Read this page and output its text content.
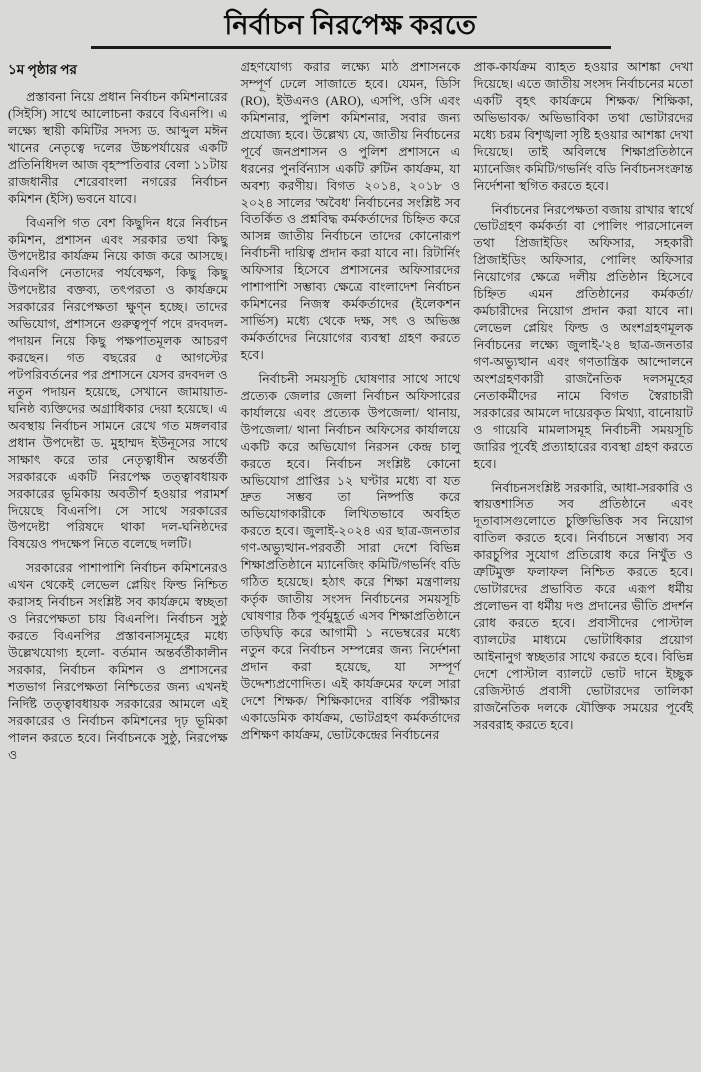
নির্বাচন নিরপেক্ষ করতে
১ম পৃষ্ঠার পর

প্রস্তাবনা নিয়ে প্রধান নির্বাচন কমিশনারের (সিইসি) সাথে আলোচনা করবে বিএনপি। এ লক্ষ্যে স্থায়ী কমিটির সদস্য ড. আব্দুল মঈন খানের নেতৃত্বে দলের উচ্চপর্যায়ের একটি প্রতিনিধিদল আজ বৃহস্পতিবার বেলা ১১টায় রাজধানীর শেরেবাংলা নগরের নির্বাচন কমিশন (ইসি) ভবনে যাবে।

বিএনপি গত বেশ কিছুদিন ধরে নির্বাচন কমিশন, প্রশাসন এবং সরকার তথা কিছু উপদেষ্টার কার্যক্রম নিয়ে কাজ করে আসছে। বিএনপি নেতাদের পর্যবেক্ষণ, কিছু কিছু উপদেষ্টার বক্তব্য, তৎপরতা ও কার্যক্রমে সরকারের নিরপেক্ষতা ক্ষুণ্ন হচ্ছে। তাদের অভিযোগ, প্রশাসনে গুরুত্বপূর্ণ পদে রদবদল-পদায়ন নিয়ে কিছু পক্ষপাতমূলক আচরণ করছেন। গত বছরের ৫ আগস্টের পটপরিবর্তনের পর প্রশাসনে যেসব রদবদল ও নতুন পদায়ন হয়েছে, সেখানে জামায়াত-ঘনিষ্ঠ ব্যক্তিদের অগ্রাধিকার দেয়া হয়েছে। এ অবস্থায় নির্বাচন সামনে রেখে গত মঙ্গলবার প্রধান উপদেষ্টা ড. মুহাম্মদ ইউনূসের সাথে সাক্ষাৎ করে তার নেতৃত্বাধীন অন্তর্বর্তী সরকারকে একটি নিরপেক্ষ তত্ত্বাবধায়ক সরকারের ভূমিকায় অবতীর্ণ হওয়ার পরামর্শ দিয়েছে বিএনপি। সে সাথে সরকারের উপদেষ্টা পরিষদে থাকা দল-ঘনিষ্ঠদের বিষয়েও পদক্ষেপ নিতে বলেছে দলটি।

সরকারের পাশাপাশি নির্বাচন কমিশনেরও এখন থেকেই লেভেল প্লেয়িং ফিল্ড নিশ্চিত করাসহ নির্বাচন সংশ্লিষ্ট সব কার্যক্রমে স্বচ্ছতা ও নিরপেক্ষতা চায় বিএনপি। নির্বাচন সুষ্ঠু করতে বিএনপির প্রস্তাবনাসমূহের মধ্যে উল্লেখযোগ্য হলো- বর্তমান অন্তর্বর্তীকালীন সরকার, নির্বাচন কমিশন ও প্রশাসনের শতভাগ নিরপেক্ষতা নিশ্চিতের জন্য এখনই নির্দিষ্ট তত্ত্বাবধায়ক সরকারের আমলে এই সরকারের ও নির্বাচন কমিশনের দৃঢ় ভূমিকা পালন করতে হবে। নির্বাচনকে সুষ্ঠু, নিরপেক্ষ ও

গ্রহণযোগ্য করার লক্ষ্যে মাঠ প্রশাসনকে সম্পূর্ণ ঢেলে সাজাতে হবে। যেমন, ডিসি (RO), ইউএনও (ARO), এসপি, ওসি এবং কমিশনার, পুলিশ কমিশনার, সবার জন্য প্রযোজ্য হবে। উল্লেখ্য যে, জাতীয় নির্বাচনের পূর্বে জনপ্রশাসন ও পুলিশ প্রশাসনে এ ধরনের পুনর্বিন্যাস একটি রুটিন কার্যক্রম, যা অবশ্য করণীয়। বিগত ২০১৪, ২০১৮ ও ২০২৪ সালের 'অবৈধ' নির্বাচনের সংশ্লিষ্ট সব বিতর্কিত ও প্রশ্নবিদ্ধ কর্মকর্তাদের চিহ্নিত করে আসন্ন জাতীয় নির্বাচনে তাদের কোনোরূপ নির্বাচনী দায়িত্ব প্রদান করা যাবে না। রিটার্নিং অফিসার হিসেবে প্রশাসনের অফিসারদের পাশাপাশি সম্ভাব্য ক্ষেত্রে বাংলাদেশ নির্বাচন কমিশনের নিজস্ব কর্মকর্তাদের (ইলেকশন সার্ভিস) মধ্যে থেকে দক্ষ, সৎ ও অভিজ্ঞ কর্মকর্তাদের নিয়োগের ব্যবস্থা গ্রহণ করতে হবে।

নির্বাচনী সময়সূচি ঘোষণার সাথে সাথে প্রত্যেক জেলার জেলা নির্বাচন অফিসারের কার্যালয়ে এবং প্রত্যেক উপজেলা/ থানায়, উপজেলা/ থানা নির্বাচন অফিসের কার্যালয়ে একটি করে অভিযোগ নিরসন কেন্দ্র চালু করতে হবে। নির্বাচন সংশ্লিষ্ট কোনো অভিযোগ প্রাপ্তির ১২ ঘণ্টার মধ্যে বা যত দ্রুত সম্ভব তা নিষ্পত্তি করে অভিযোগকারীকে লিখিতভাবে অবহিত করতে হবে। জুলাই-২০২৪ এর ছাত্র-জনতার গণ-অভ্যুত্থান-পরবর্তী সারা দেশে বিভিন্ন শিক্ষাপ্রতিষ্ঠানে ম্যানেজিং কমিটি/গভর্নিং বডি গঠিত হয়েছে। হঠাৎ করে শিক্ষা মন্ত্রণালয় কর্তৃক জাতীয় সংসদ নির্বাচনের সময়সূচি ঘোষণার ঠিক পূর্বমুহূর্তে এসব শিক্ষাপ্রতিষ্ঠানে তড়িঘড়ি করে আগামী ১ নভেম্বরের মধ্যে নতুন করে নির্বাচন সম্পন্নের জন্য নির্দেশনা প্রদান করা হয়েছে, যা সম্পূর্ণ উদ্দেশ্যপ্রণোদিত। এই কার্যক্রমের ফলে সারা দেশে শিক্ষক/ শিক্ষিকাদের বার্ষিক পরীক্ষার একাডেমিক কার্যক্রম, ভোটগ্রহণ কর্মকর্তাদের প্রশিক্ষণ কার্যক্রম, ভোটকেন্দ্রের নির্বাচনের

প্রাক-কার্যক্রম ব্যাহত হওয়ার আশঙ্কা দেখা দিয়েছে। এতে জাতীয় সংসদ নির্বাচনের মতো একটি বৃহৎ কার্যক্রমে শিক্ষক/ শিক্ষিকা, অভিভাবক/ অভিভাবিকা তথা ভোটারদের মধ্যে চরম বিশৃঙ্খলা সৃষ্টি হওয়ার আশঙ্কা দেখা দিয়েছে। তাই অবিলম্বে শিক্ষাপ্রতিষ্ঠানে ম্যানেজিং কমিটি/গভর্নিং বডি নির্বাচনসংক্রান্ত নির্দেশনা স্থগিত করতে হবে।

নির্বাচনের নিরপেক্ষতা বজায় রাখার স্বার্থে ভোটগ্রহণ কর্মকর্তা বা পোলিং পারসোনেল তথা প্রিজাইডিং অফিসার, সহকারী প্রিজাইডিং অফিসার, পোলিং অফিসার নিয়োগের ক্ষেত্রে দলীয় প্রতিষ্ঠান হিসেবে চিহ্নিত এমন প্রতিষ্ঠানের কর্মকর্তা/ কর্মচারীদের নিয়োগ প্রদান করা যাবে না। লেভেল প্লেয়িং ফিল্ড ও অংশগ্রহণমূলক নির্বাচনের লক্ষ্যে জুলাই-'২৪ ছাত্র-জনতার গণ-অভ্যুত্থান এবং গণতান্ত্রিক আন্দোলনে অংশগ্রহণকারী রাজনৈতিক দলসমূহের নেতাকর্মীদের নামে বিগত স্বৈরাচারী সরকারের আমলে দায়েরকৃত মিথ্যা, বানোয়াট ও গায়েবি মামলাসমূহ নির্বাচনী সময়সূচি জারির পূর্বেই প্রত্যাহারের ব্যবস্থা গ্রহণ করতে হবে।

নির্বাচনসংশ্লিষ্ট সরকারি, আধা-সরকারি ও স্বায়ত্তশাসিত সব প্রতিষ্ঠানে এবং দূতাবাসগুলোতে চুক্তিভিত্তিক সব নিয়োগ বাতিল করতে হবে। নির্বাচনে সম্ভাব্য সব কারচুপির সুযোগ প্রতিরোধ করে নিখুঁত ও ত্রুটিমুক্ত ফলাফল নিশ্চিত করতে হবে। ভোটারদের প্রভাবিত করে এরূপ ধর্মীয় প্রলোভন বা ধর্মীয় দণ্ড প্রদানের ভীতি প্রদর্শন রোধ করতে হবে। প্রবাসীদের পোস্টাল ব্যালটের মাধ্যমে ভোটাধিকার প্রয়োগ আইনানুগ স্বচ্ছতার সাথে করতে হবে। বিভিন্ন দেশে পোস্টাল ব্যালটে ভোট দানে ইচ্ছুক রেজিস্টার্ড প্রবাসী ভোটারদের তালিকা রাজনৈতিক দলকে যৌক্তিক সময়ের পূর্বেই সরবরাহ করতে হবে।
